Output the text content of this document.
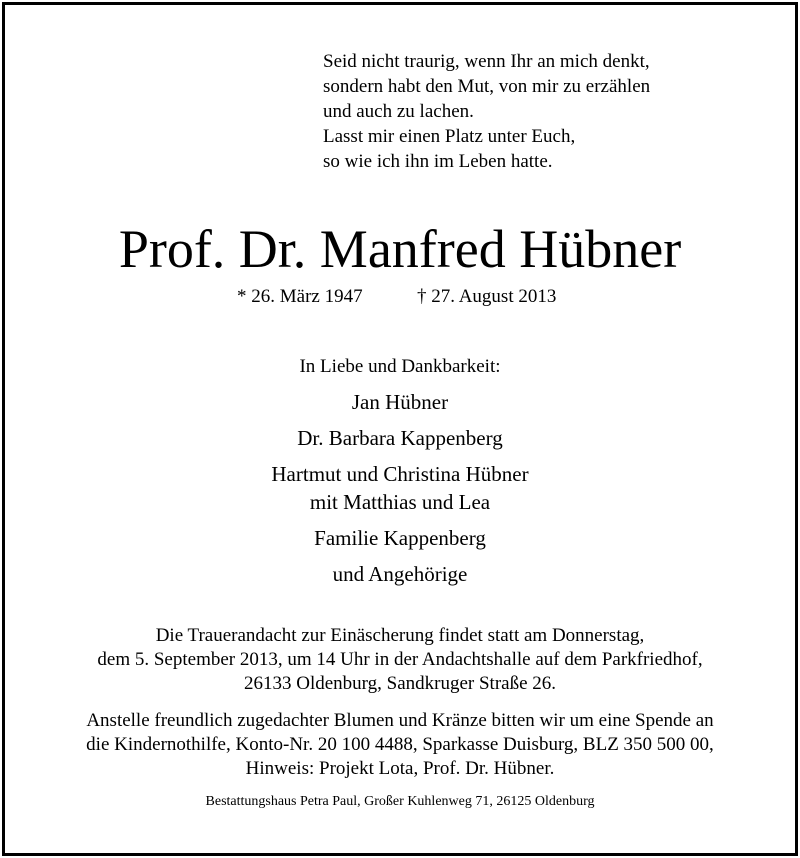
Seid nicht traurig, wenn Ihr an mich denkt,
sondern habt den Mut, von mir zu erzählen
und auch zu lachen.
Lasst mir einen Platz unter Euch,
so wie ich ihn im Leben hatte.
Prof. Dr. Manfred Hübner
* 26. März 1947	† 27. August 2013
In Liebe und Dankbarkeit:
Jan Hübner
Dr. Barbara Kappenberg
Hartmut und Christina Hübner
mit Matthias und Lea
Familie Kappenberg
und Angehörige
Die Trauerandacht zur Einäscherung findet statt am Donnerstag,
dem 5. September 2013, um 14 Uhr in der Andachtshalle auf dem Parkfriedhof,
26133 Oldenburg, Sandkruger Straße 26.
Anstelle freundlich zugedachter Blumen und Kränze bitten wir um eine Spende an
die Kindernothilfe, Konto-Nr. 20 100 4488, Sparkasse Duisburg, BLZ 350 500 00,
Hinweis: Projekt Lota, Prof. Dr. Hübner.
Bestattungshaus Petra Paul, Großer Kuhlenweg 71, 26125 Oldenburg
